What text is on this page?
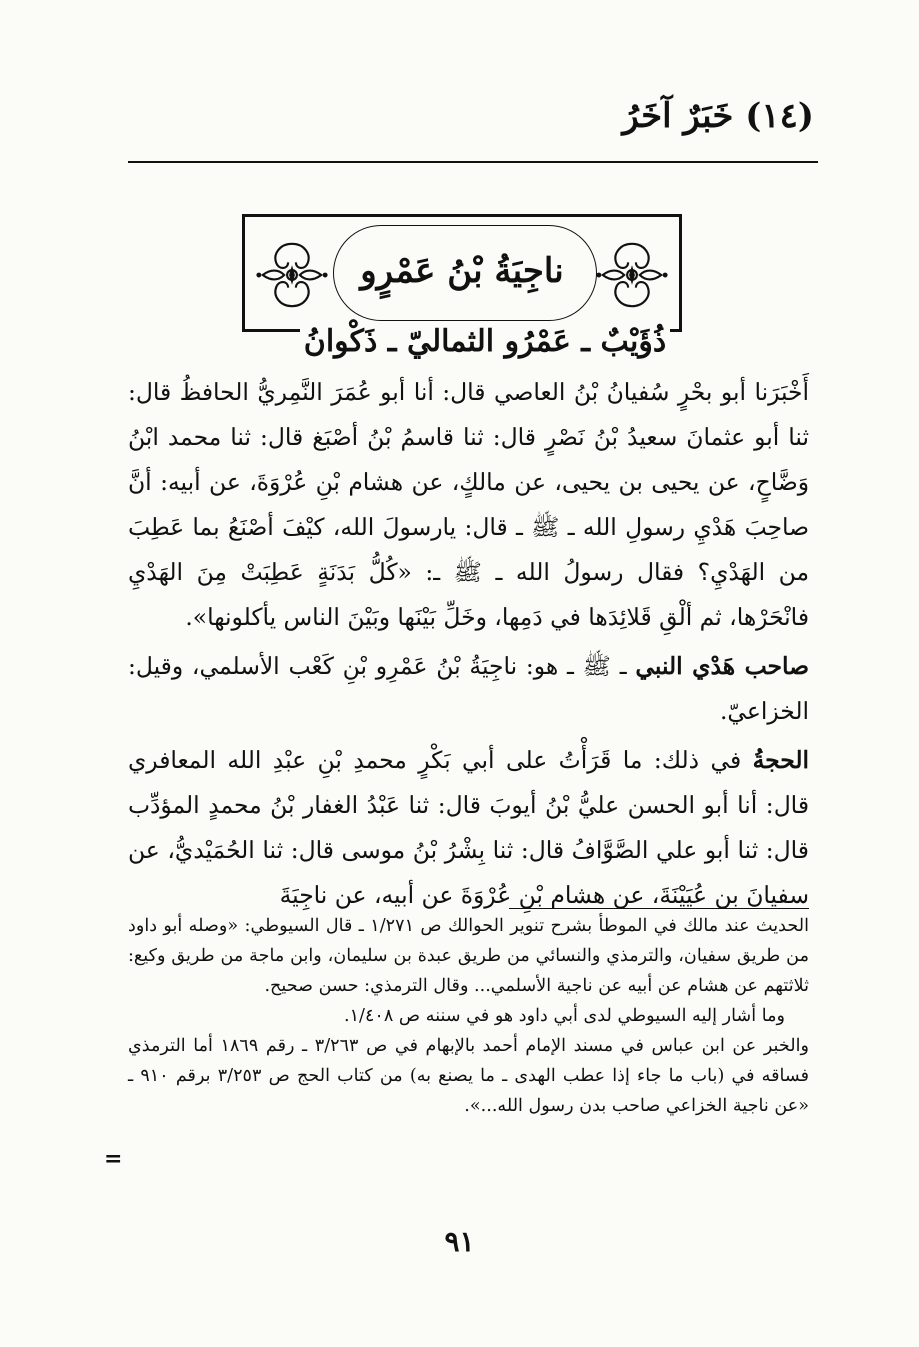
(١٤) خَبَرٌ آخَرُ
ناجِيَةُ بْنُ عَمْرٍو
ذُؤَيْبٌ ـ عَمْرُو الثماليّ ـ ذَكْوانُ

أَخْبَرَنا أبو بحْرٍ سُفيانُ بْنُ العاصي قال: أنا أبو عُمَرَ النَّمِريُّ الحافظُ قال: ثنا أبو عثمانَ سعيدُ بْنُ نَصْرٍ قال: ثنا قاسمُ بْنُ أصْبَغ قال: ثنا محمد ابْنُ وَضَّاحٍ، عن يحيى بن يحيى، عن مالكٍ، عن هشام بْنِ عُرْوَةَ، عن أبيه: أنَّ صاحِبَ هَدْيِ رسولِ الله ـ ﷺ ـ قال: يارسولَ الله، كيْفَ أصْنَعُ بما عَطِبَ من الهَدْيِ؟ فقال رسولُ الله ـ ﷺ ـ: «كُلُّ بَدَنَةٍ عَطِبَتْ مِنَ الهَدْيِ فانْحَرْها، ثم ألْقِ قَلائِدَها في دَمِها، وخَلِّ بَيْنَها وبَيْنَ الناس يأكلونها».

صاحب هَدْي النبي ـ ﷺ ـ هو: ناجِيَةُ بْنُ عَمْرِو بْنِ كَعْب الأسلمي، وقيل: الخزاعيّ.

الحجةُ في ذلك: ما قَرَأْتُ على أبي بَكْرٍ محمدِ بْنِ عبْدِ الله المعافري قال: أنا أبو الحسن عليُّ بْنُ أيوبَ قال: ثنا عَبْدُ الغفار بْنُ محمدٍ المؤدِّب قال: ثنا أبو علي الصَّوَّافُ قال: ثنا بِشْرُ بْنُ موسى قال: ثنا الحُمَيْديُّ، عن سفيانَ بن عُيَيْنَةَ، عن هشام بْنِ عُرْوَةَ عن أبيه، عن ناجِيَةَ

الحديث عند مالك في الموطأ بشرح تنوير الحوالك ص ١/٢٧١ ـ قال السيوطي: «وصله أبو داود من طريق سفيان، والترمذي والنسائي من طريق عبدة بن سليمان، وابن ماجة من طريق وكيع: ثلاثتهم عن هشام عن أبيه عن ناجية الأسلمي... وقال الترمذي: حسن صحيح.

وما أشار إليه السيوطي لدى أبي داود هو في سننه ص ١/٤٠٨.

والخبر عن ابن عباس في مسند الإمام أحمد بالإبهام في ص ٣/٢٦٣ ـ رقم ١٨٦٩ أما الترمذي فساقه في (باب ما جاء إذا عطب الهدى ـ ما يصنع به) من كتاب الحج ص ٣/٢٥٣ برقم ٩١٠ ـ «عن ناجية الخزاعي صاحب بدن رسول الله...».

=
٩١
